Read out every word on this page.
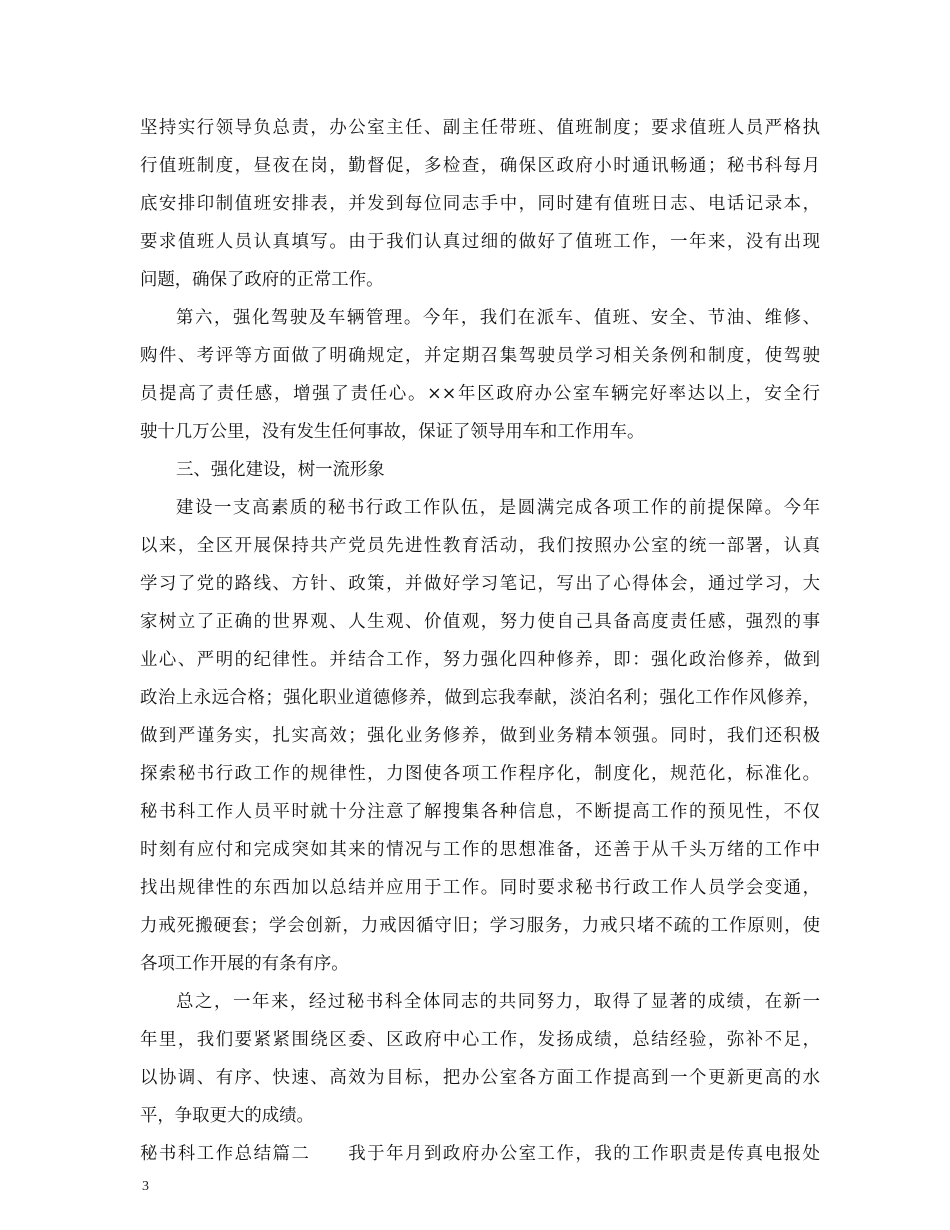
坚持实行领导负总责，办公室主任、副主任带班、值班制度；要求值班人员严格执
行值班制度，昼夜在岗，勤督促，多检查，确保区政府小时通讯畅通；秘书科每月
底安排印制值班安排表，并发到每位同志手中，同时建有值班日志、电话记录本，
要求值班人员认真填写。由于我们认真过细的做好了值班工作，一年来，没有出现
问题，确保了政府的正常工作。
第六，强化驾驶及车辆管理。今年，我们在派车、值班、安全、节油、维修、
购件、考评等方面做了明确规定，并定期召集驾驶员学习相关条例和制度，使驾驶
员提高了责任感，增强了责任心。××年区政府办公室车辆完好率达以上，安全行
驶十几万公里，没有发生任何事故，保证了领导用车和工作用车。
三、强化建设，树一流形象
建设一支高素质的秘书行政工作队伍，是圆满完成各项工作的前提保障。今年
以来，全区开展保持共产党员先进性教育活动，我们按照办公室的统一部署，认真
学习了党的路线、方针、政策，并做好学习笔记，写出了心得体会，通过学习，大
家树立了正确的世界观、人生观、价值观，努力使自己具备高度责任感，强烈的事
业心、严明的纪律性。并结合工作，努力强化四种修养，即：强化政治修养，做到
政治上永远合格；强化职业道德修养，做到忘我奉献，淡泊名利；强化工作作风修养，
做到严谨务实，扎实高效；强化业务修养，做到业务精本领强。同时，我们还积极
探索秘书行政工作的规律性，力图使各项工作程序化，制度化，规范化，标准化。
秘书科工作人员平时就十分注意了解搜集各种信息，不断提高工作的预见性，不仅
时刻有应付和完成突如其来的情况与工作的思想准备，还善于从千头万绪的工作中
找出规律性的东西加以总结并应用于工作。同时要求秘书行政工作人员学会变通，
力戒死搬硬套；学会创新，力戒因循守旧；学习服务，力戒只堵不疏的工作原则，使
各项工作开展的有条有序。
总之，一年来，经过秘书科全体同志的共同努力，取得了显著的成绩，在新一
年里，我们要紧紧围绕区委、区政府中心工作，发扬成绩，总结经验，弥补不足，
以协调、有序、快速、高效为目标，把办公室各方面工作提高到一个更新更高的水
平，争取更大的成绩。
秘书科工作总结篇二　　我于年月到政府办公室工作，我的工作职责是传真电报处
3
